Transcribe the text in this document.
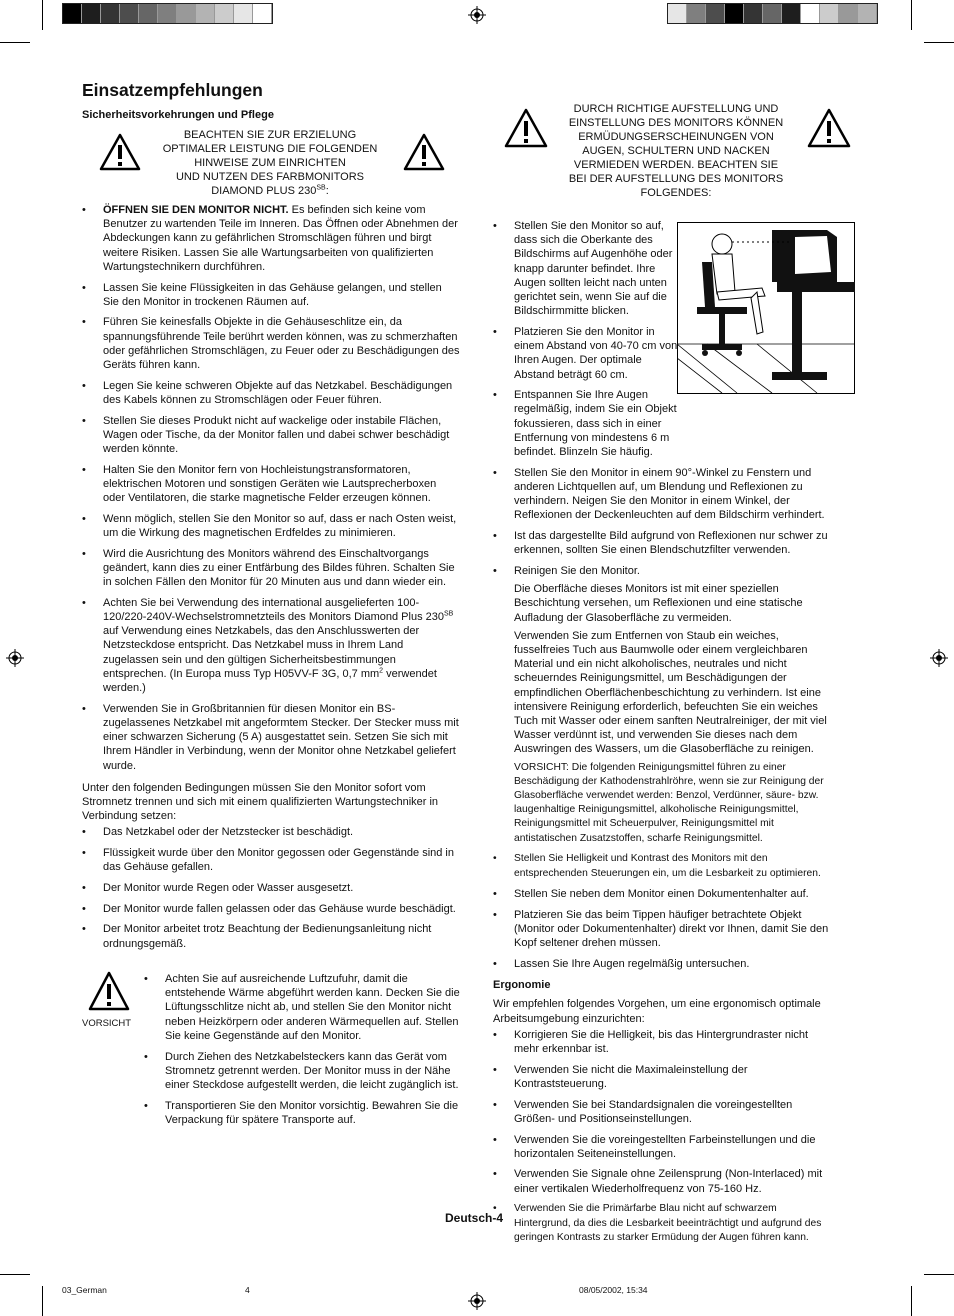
Einsatzempfehlungen
Sicherheitsvorkehrungen und Pflege
BEACHTEN SIE ZUR ERZIELUNG
OPTIMALER LEISTUNG DIE FOLGENDEN
HINWEISE ZUM EINRICHTEN
UND NUTZEN DES FARBMONITORS
DIAMOND PLUS $230^{SB}$:
• ÖFFNEN SIE DEN MONITOR NICHT. Es befinden sich keine vom Benutzer zu wartenden Teile im Inneren. Das Öffnen oder Abnehmen der Abdeckungen kann zu gefährlichen Stromschlägen führen und birgt weitere Risiken. Lassen Sie alle Wartungsarbeiten von qualifizierten Wartungstechnikern durchführen.
• Lassen Sie keine Flüssigkeiten in das Gehäuse gelangen, und stellen Sie den Monitor in trockenen Räumen auf.
• Führen Sie keinesfalls Objekte in die Gehäuseschlitze ein, da spannungsführende Teile berührt werden können, was zu schmerzhaften oder gefährlichen Stromschlägen, zu Feuer oder zu Beschädigungen des Geräts führen kann.
• Legen Sie keine schweren Objekte auf das Netzkabel. Beschädigungen des Kabels können zu Stromschlägen oder Feuer führen.
• Stellen Sie dieses Produkt nicht auf wackelige oder instabile Flächen, Wagen oder Tische, da der Monitor fallen und dabei schwer beschädigt werden könnte.
• Halten Sie den Monitor fern von Hochleistungstransformatoren, elektrischen Motoren und sonstigen Geräten wie Lautsprecherboxen oder Ventilatoren, die starke magnetische Felder erzeugen können.
• Wenn möglich, stellen Sie den Monitor so auf, dass er nach Osten weist, um die Wirkung des magnetischen Erdfeldes zu minimieren.
• Wird die Ausrichtung des Monitors während des Einschaltvorgangs geändert, kann dies zu einer Entfärbung des Bildes führen. Schalten Sie in solchen Fällen den Monitor für 20 Minuten aus und dann wieder ein.
• Achten Sie bei Verwendung des international ausgelieferten 100-120/220-240V-Wechselstromnetzteils des Monitors Diamond Plus $230^{SB}$ auf Verwendung eines Netzkabels, das den Anschlusswerten der Netzsteckdose entspricht. Das Netzkabel muss in Ihrem Land zugelassen sein und den gültigen Sicherheitsbestimmungen entsprechen. (In Europa muss Typ H05VV-F 3G, 0,7 $mm^2$ verwendet werden.)
• Verwenden Sie in Großbritannien für diesen Monitor ein BS-zugelassenes Netzkabel mit angeformtem Stecker. Der Stecker muss mit einer schwarzen Sicherung (5 A) ausgestattet sein. Setzen Sie sich mit Ihrem Händler in Verbindung, wenn der Monitor ohne Netzkabel geliefert wurde.

Unter den folgenden Bedingungen müssen Sie den Monitor sofort vom Stromnetz trennen und sich mit einem qualifizierten Wartungstechniker in Verbindung setzen:

• Das Netzkabel oder der Netzstecker ist beschädigt.
• Flüssigkeit wurde über den Monitor gegossen oder Gegenstände sind in das Gehäuse gefallen.
• Der Monitor wurde Regen oder Wasser ausgesetzt.
• Der Monitor wurde fallen gelassen oder das Gehäuse wurde beschädigt.
• Der Monitor arbeitet trotz Beachtung der Bedienungsanleitung nicht ordnungsgemäß.
VORSICHT
• Achten Sie auf ausreichende Luftzufuhr, damit die entstehende Wärme abgeführt werden kann. Decken Sie die Lüftungsschlitze nicht ab, und stellen Sie den Monitor nicht neben Heizkörpern oder anderen Wärmequellen auf. Stellen Sie keine Gegenstände auf den Monitor.
• Durch Ziehen des Netzkabelsteckers kann das Gerät vom Stromnetz getrennt werden. Der Monitor muss in der Nähe einer Steckdose aufgestellt werden, die leicht zugänglich ist.
• Transportieren Sie den Monitor vorsichtig. Bewahren Sie die Verpackung für spätere Transporte auf.
DURCH RICHTIGE AUFSTELLUNG UND
EINSTELLUNG DES MONITORS KÖNNEN
ERMÜDUNGSERSCHEINUNGEN VON
AUGEN, SCHULTERN UND NACKEN
VERMIEDEN WERDEN. BEACHTEN SIE
BEI DER AUFSTELLUNG DES MONITORS
FOLGENDES:
• Stellen Sie den Monitor so auf, dass sich die Oberkante des Bildschirms auf Augenhöhe oder knapp darunter befindet. Ihre Augen sollten leicht nach unten gerichtet sein, wenn Sie auf die Bildschirmmitte blicken.
• Platzieren Sie den Monitor in einem Abstand von 40-70 cm von Ihren Augen. Der optimale Abstand beträgt 60 cm.
• Entspannen Sie Ihre Augen regelmäßig, indem Sie ein Objekt fokussieren, dass sich in einer Entfernung von mindestens 6 m befindet. Blinzeln Sie häufig.
• Stellen Sie den Monitor in einem 90°-Winkel zu Fenstern und anderen Lichtquellen auf, um Blendung und Reflexionen zu verhindern. Neigen Sie den Monitor in einem Winkel, der Reflexionen der Deckenleuchten auf dem Bildschirm verhindert.
• Ist das dargestellte Bild aufgrund von Reflexionen nur schwer zu erkennen, sollten Sie einen Blendschutzfilter verwenden.
• Reinigen Sie den Monitor.
Die Oberfläche dieses Monitors ist mit einer speziellen Beschichtung versehen, um Reflexionen und eine statische Aufladung der Glasoberfläche zu vermeiden.
Verwenden Sie zum Entfernen von Staub ein weiches, fusselfreies Tuch aus Baumwolle oder einem vergleichbaren Material und ein nicht alkoholisches, neutrales und nicht scheuerndes Reinigungsmittel, um Beschädigungen der empfindlichen Oberflächenbeschichtung zu verhindern. Ist eine intensivere Reinigung erforderlich, befeuchten Sie ein weiches Tuch mit Wasser oder einem sanften Neutralreiniger, der mit viel Wasser verdünnt ist, und verwenden Sie dieses nach dem Auswringen des Wassers, um die Glasoberfläche zu reinigen.
VORSICHT: Die folgenden Reinigungsmittel führen zu einer Beschädigung der Kathodenstrahlröhre, wenn sie zur Reinigung der Glasoberfläche verwendet werden: Benzol, Verdünner, säure- bzw. laugenhaltige Reinigungsmittel, alkoholische Reinigungsmittel, Reinigungsmittel mit Scheuerpulver, Reinigungsmittel mit antistatischen Zusatzstoffen, scharfe Reinigungsmittel.
• Stellen Sie Helligkeit und Kontrast des Monitors mit den entsprechenden Steuerungen ein, um die Lesbarkeit zu optimieren.
• Stellen Sie neben dem Monitor einen Dokumentenhalter auf.
• Platzieren Sie das beim Tippen häufiger betrachtete Objekt (Monitor oder Dokumentenhalter) direkt vor Ihnen, damit Sie den Kopf seltener drehen müssen.
• Lassen Sie Ihre Augen regelmäßig untersuchen.
Ergonomie

Wir empfehlen folgendes Vorgehen, um eine ergonomisch optimale Arbeitsumgebung einzurichten:

• Korrigieren Sie die Helligkeit, bis das Hintergrundraster nicht mehr erkennbar ist.
• Verwenden Sie nicht die Maximaleinstellung der Kontraststeuerung.
• Verwenden Sie bei Standardsignalen die voreingestellten Größen- und Positionseinstellungen.
• Verwenden Sie die voreingestellten Farbeinstellungen und die horizontalen Seiteneinstellungen.
• Verwenden Sie Signale ohne Zeilensprung (Non-Interlaced) mit einer vertikalen Wiederholfrequenz von 75-160 Hz.
• Verwenden Sie die Primärfarbe Blau nicht auf schwarzem Hintergrund, da dies die Lesbarkeit beeinträchtigt und aufgrund des geringen Kontrasts zu starker Ermüdung der Augen führen kann.
Deutsch-4
03_German	4	08/05/2002, 15:34
